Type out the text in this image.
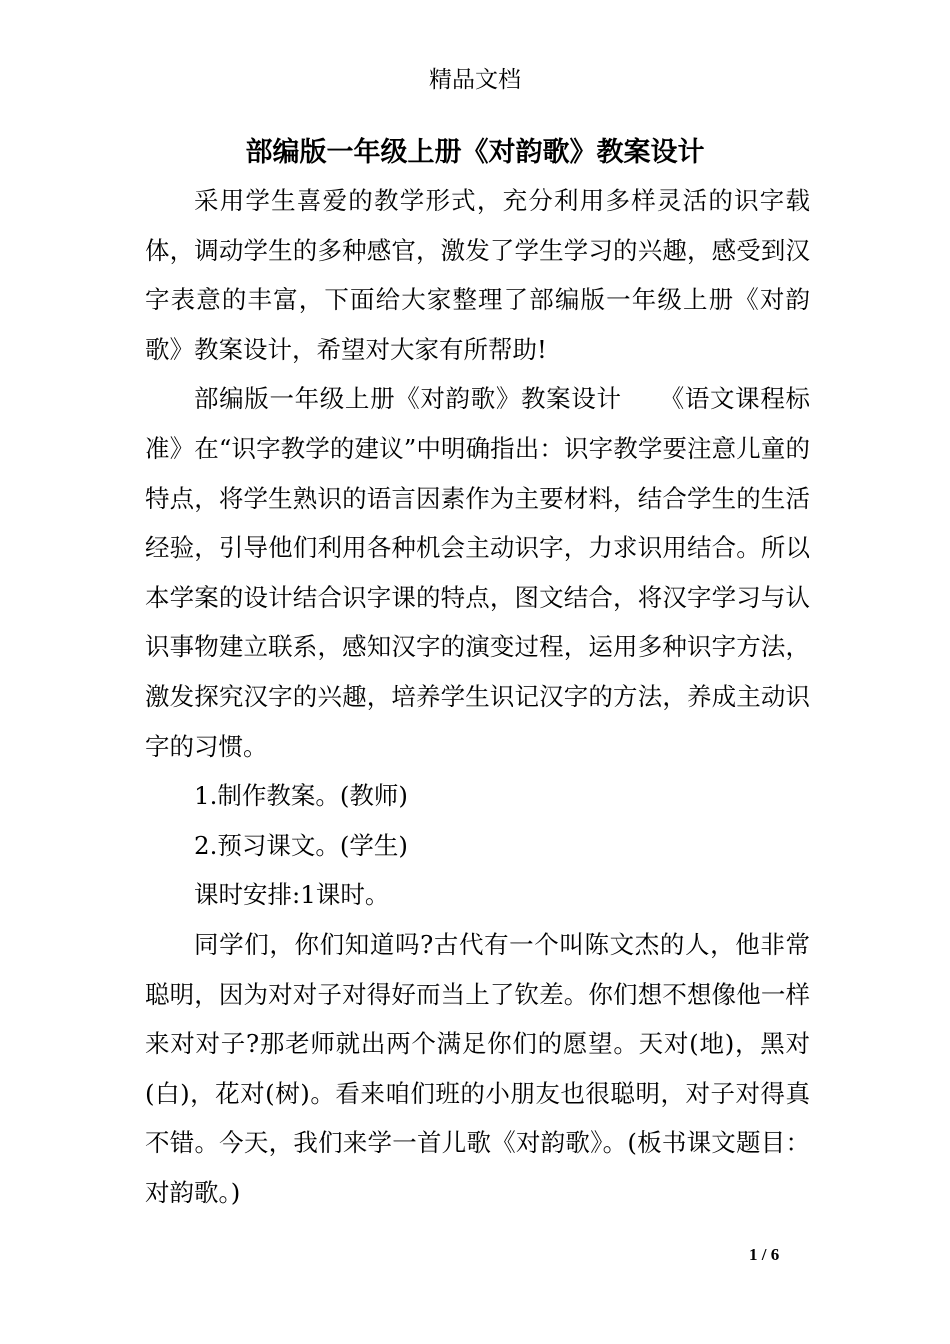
精品文档
部编版一年级上册《对韵歌》教案设计

采用学生喜爱的教学形式，充分利用多样灵活的识字载体，调动学生的多种感官，激发了学生学习的兴趣，感受到汉字表意的丰富，下面给大家整理了部编版一年级上册《对韵歌》教案设计，希望对大家有所帮助!

部编版一年级上册《对韵歌》教案设计　　《语文课程标准》在“识字教学的建议”中明确指出：识字教学要注意儿童的特点，将学生熟识的语言因素作为主要材料，结合学生的生活经验，引导他们利用各种机会主动识字，力求识用结合。所以本学案的设计结合识字课的特点，图文结合，将汉字学习与认识事物建立联系，感知汉字的演变过程，运用多种识字方法，激发探究汉字的兴趣，培养学生识记汉字的方法，养成主动识字的习惯。

1.制作教案。(教师)

2.预习课文。(学生)

课时安排:1课时。

同学们，你们知道吗?古代有一个叫陈文杰的人，他非常聪明，因为对对子对得好而当上了钦差。你们想不想像他一样来对对子?那老师就出两个满足你们的愿望。天对(地)，黑对(白)，花对(树)。看来咱们班的小朋友也很聪明，对子对得真不错。今天，我们来学一首儿歌《对韵歌》。(板书课文题目：对韵歌。)

1 / 6
